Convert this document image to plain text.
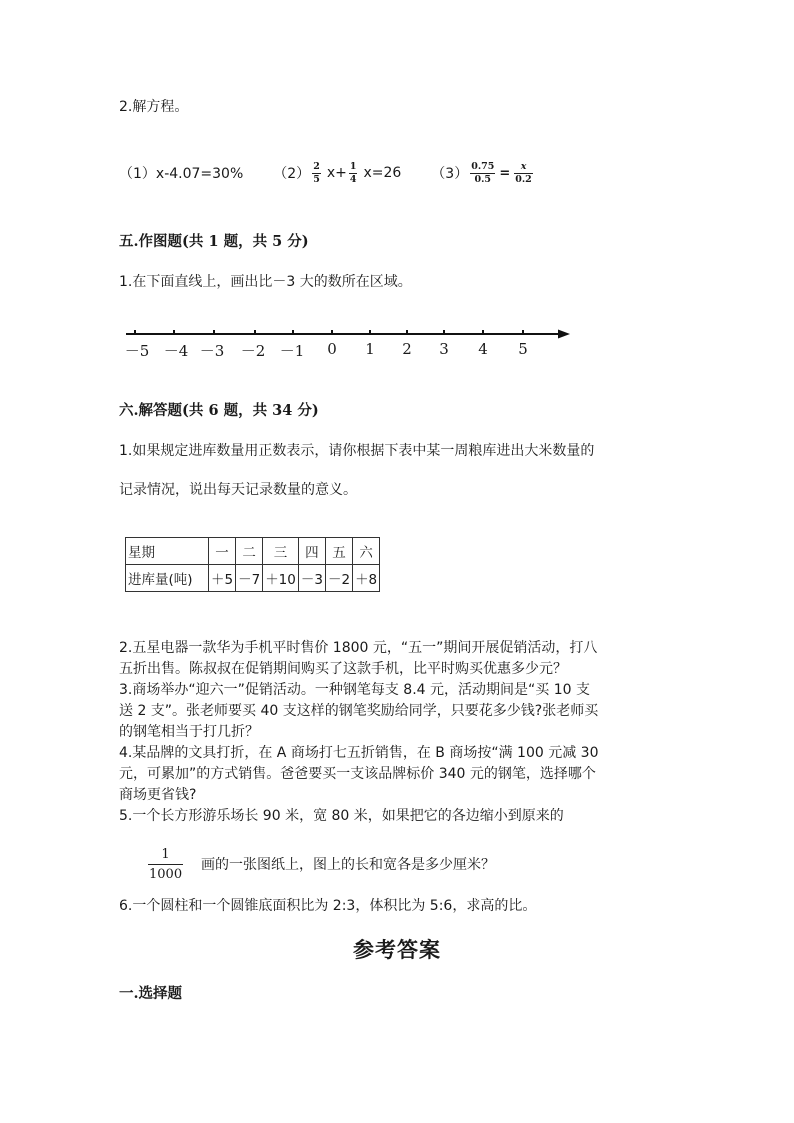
2.解方程。
（1）x-4.07=30% $(2) \frac{2}{5} x+ \frac{1}{4} x=26$ $(3) \frac{0.75}{0.5} = \frac{x}{0.2}$
五.作图题(共 1 题，共 5 分)
1.在下面直线上，画出比－3 大的数所在区域。
－5 －4 －3 －2 －1 0 1 2 3 4 5
六.解答题(共 6 题，共 34 分)
1.如果规定进库数量用正数表示，请你根据下表中某一周粮库进出大米数量的
记录情况，说出每天记录数量的意义。
星期	一	二	三	四	五	六
进库量(吨)	＋5	－7	＋10	－3	－2	＋8
2.五星电器一款华为手机平时售价 1800 元，“五一”期间开展促销活动，打八
五折出售。陈叔叔在促销期间购买了这款手机，比平时购买优惠多少元？
3.商场举办“迎六一”促销活动。一种钢笔每支 8.4 元，活动期间是“买 10 支
送 2 支”。张老师要买 40 支这样的钢笔奖励给同学，只要花多少钱?张老师买
的钢笔相当于打几折？
4.某品牌的文具打折，在 A 商场打七五折销售，在 B 商场按“满 100 元减 30
元，可累加”的方式销售。爸爸要买一支该品牌标价 340 元的钢笔，选择哪个
商场更省钱?
5.一个长方形游乐场长 90 米，宽 80 米，如果把它的各边缩小到原来的
$\frac{1}{1000}$ 画的一张图纸上，图上的长和宽各是多少厘米？
6.一个圆柱和一个圆锥底面积比为 2:3，体积比为 5:6，求高的比。
参考答案
一.选择题
